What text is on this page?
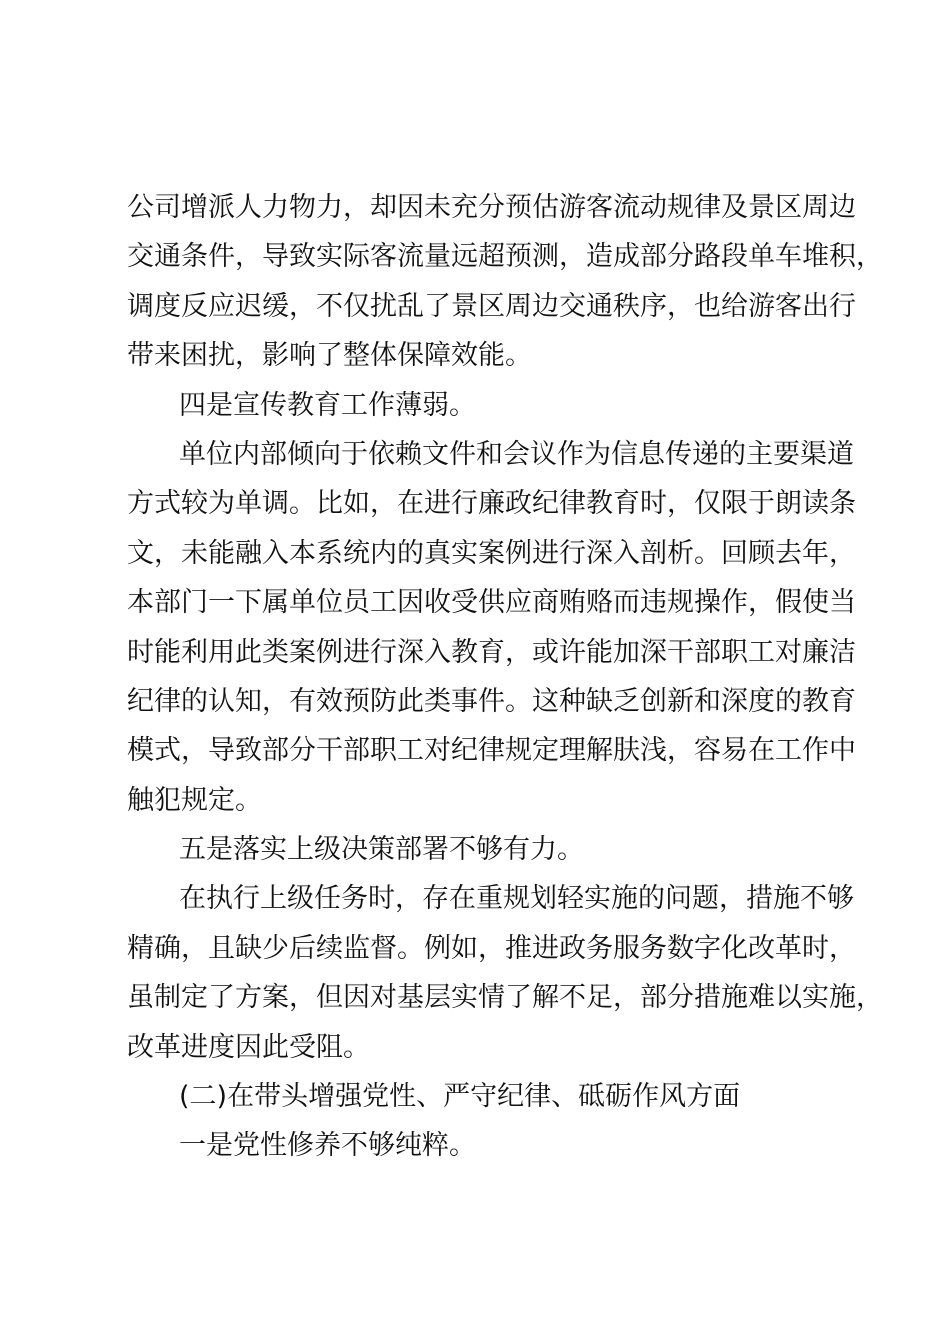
公司增派人力物力，却因未充分预估游客流动规律及景区周边
交通条件，导致实际客流量远超预测，造成部分路段单车堆积，
调度反应迟缓，不仅扰乱了景区周边交通秩序，也给游客出行
带来困扰，影响了整体保障效能。
四是宣传教育工作薄弱。
单位内部倾向于依赖文件和会议作为信息传递的主要渠道
方式较为单调。比如，在进行廉政纪律教育时，仅限于朗读条
文，未能融入本系统内的真实案例进行深入剖析。回顾去年，
本部门一下属单位员工因收受供应商贿赂而违规操作，假使当
时能利用此类案例进行深入教育，或许能加深干部职工对廉洁
纪律的认知，有效预防此类事件。这种缺乏创新和深度的教育
模式，导致部分干部职工对纪律规定理解肤浅，容易在工作中
触犯规定。
五是落实上级决策部署不够有力。
在执行上级任务时，存在重规划轻实施的问题，措施不够
精确，且缺少后续监督。例如，推进政务服务数字化改革时，
虽制定了方案，但因对基层实情了解不足，部分措施难以实施，
改革进度因此受阻。
(二)在带头增强党性、严守纪律、砥砺作风方面
一是党性修养不够纯粹。
